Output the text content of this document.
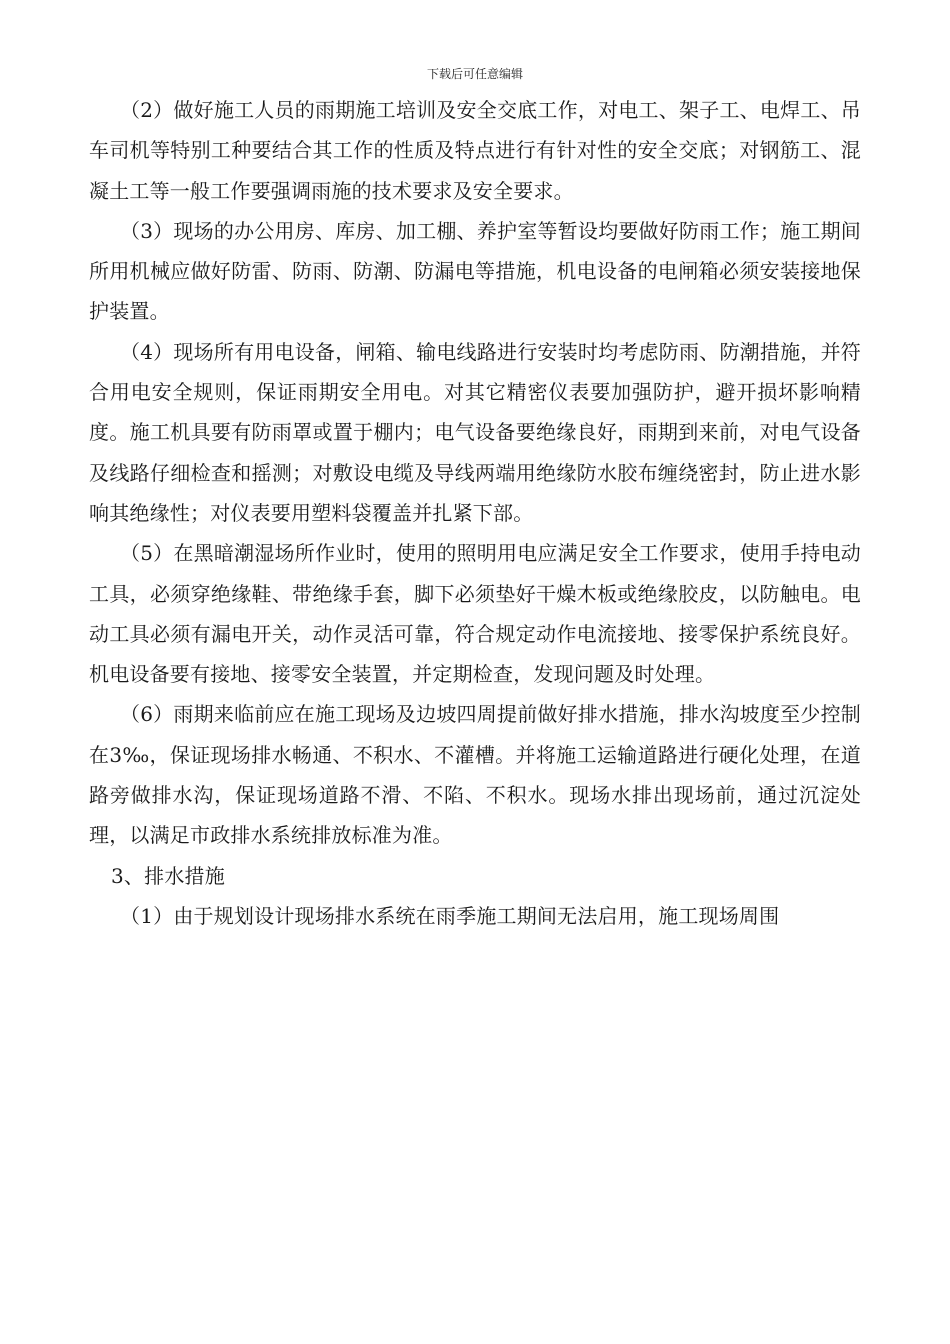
下载后可任意编辑

（2）做好施工人员的雨期施工培训及安全交底工作，对电工、架子工、电焊工、吊车司机等特别工种要结合其工作的性质及特点进行有针对性的安全交底；对钢筋工、混凝土工等一般工作要强调雨施的技术要求及安全要求。

（3）现场的办公用房、库房、加工棚、养护室等暂设均要做好防雨工作；施工期间所用机械应做好防雷、防雨、防潮、防漏电等措施，机电设备的电闸箱必须安装接地保护装置。

（4）现场所有用电设备，闸箱、输电线路进行安装时均考虑防雨、防潮措施，并符合用电安全规则，保证雨期安全用电。对其它精密仪表要加强防护，避开损坏影响精度。施工机具要有防雨罩或置于棚内；电气设备要绝缘良好，雨期到来前，对电气设备及线路仔细检查和摇测；对敷设电缆及导线两端用绝缘防水胶布缠绕密封，防止进水影响其绝缘性；对仪表要用塑料袋覆盖并扎紧下部。

（5）在黑暗潮湿场所作业时，使用的照明用电应满足安全工作要求，使用手持电动工具，必须穿绝缘鞋、带绝缘手套，脚下必须垫好干燥木板或绝缘胶皮，以防触电。电动工具必须有漏电开关，动作灵活可靠，符合规定动作电流接地、接零保护系统良好。机电设备要有接地、接零安全装置，并定期检查，发现问题及时处理。

（6）雨期来临前应在施工现场及边坡四周提前做好排水措施，排水沟坡度至少控制在3‰，保证现场排水畅通、不积水、不灌槽。并将施工运输道路进行硬化处理，在道路旁做排水沟，保证现场道路不滑、不陷、不积水。现场水排出现场前，通过沉淀处理，以满足市政排水系统排放标准为准。

3、排水措施

（1）由于规划设计现场排水系统在雨季施工期间无法启用，施工现场周围
